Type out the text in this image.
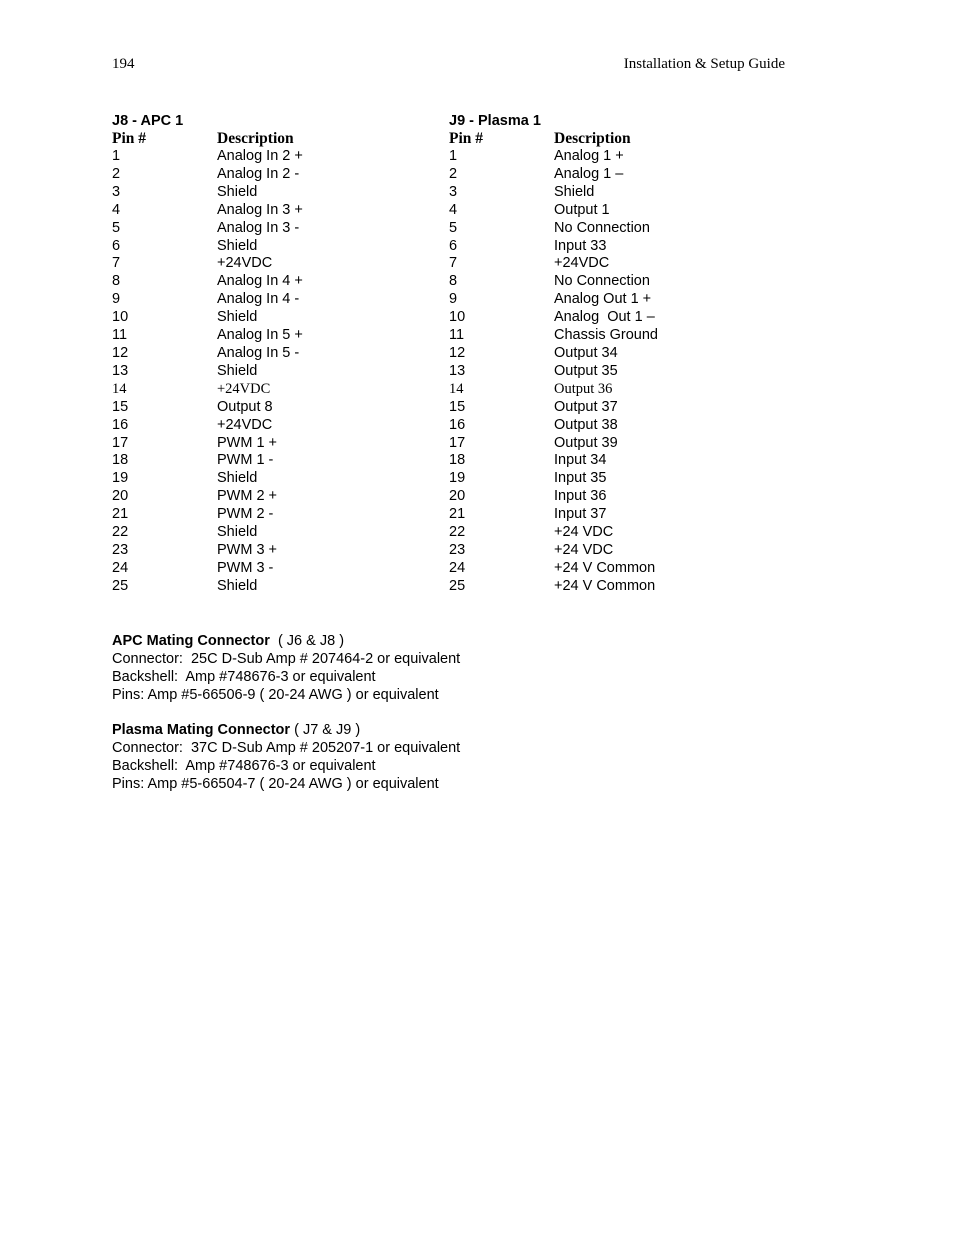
194	Installation & Setup Guide
J8 - APC 1
Pin #	Description
1	Analog In 2 +
2	Analog In 2 -
3	Shield
4	Analog In 3 +
5	Analog In 3 -
6	Shield
7	+24VDC
8	Analog In 4 +
9	Analog In 4 -
10	Shield
11	Analog In 5 +
12	Analog In 5 -
13	Shield
14	+24VDC
15	Output 8
16	+24VDC
17	PWM 1 +
18	PWM 1 -
19	Shield
20	PWM 2 +
21	PWM 2 -
22	Shield
23	PWM 3 +
24	PWM 3 -
25	Shield
J9 - Plasma 1
Pin #	Description
1	Analog 1 +
2	Analog 1 –
3	Shield
4	Output 1
5	No Connection
6	Input 33
7	+24VDC
8	No Connection
9	Analog Out 1 +
10	Analog  Out 1 –
11	Chassis Ground
12	Output 34
13	Output 35
14	Output 36
15	Output 37
16	Output 38
17	Output 39
18	Input 34
19	Input 35
20	Input 36
21	Input 37
22	+24 VDC
23	+24 VDC
24	+24 V Common
25	+24 V Common
APC Mating Connector  ( J6 & J8 )
Connector:  25C D-Sub Amp # 207464-2 or equivalent
Backshell:  Amp #748676-3 or equivalent
Pins: Amp #5-66506-9 ( 20-24 AWG ) or equivalent
Plasma Mating Connector ( J7 & J9 )
Connector:  37C D-Sub Amp # 205207-1 or equivalent
Backshell:  Amp #748676-3 or equivalent
Pins: Amp #5-66504-7 ( 20-24 AWG ) or equivalent
